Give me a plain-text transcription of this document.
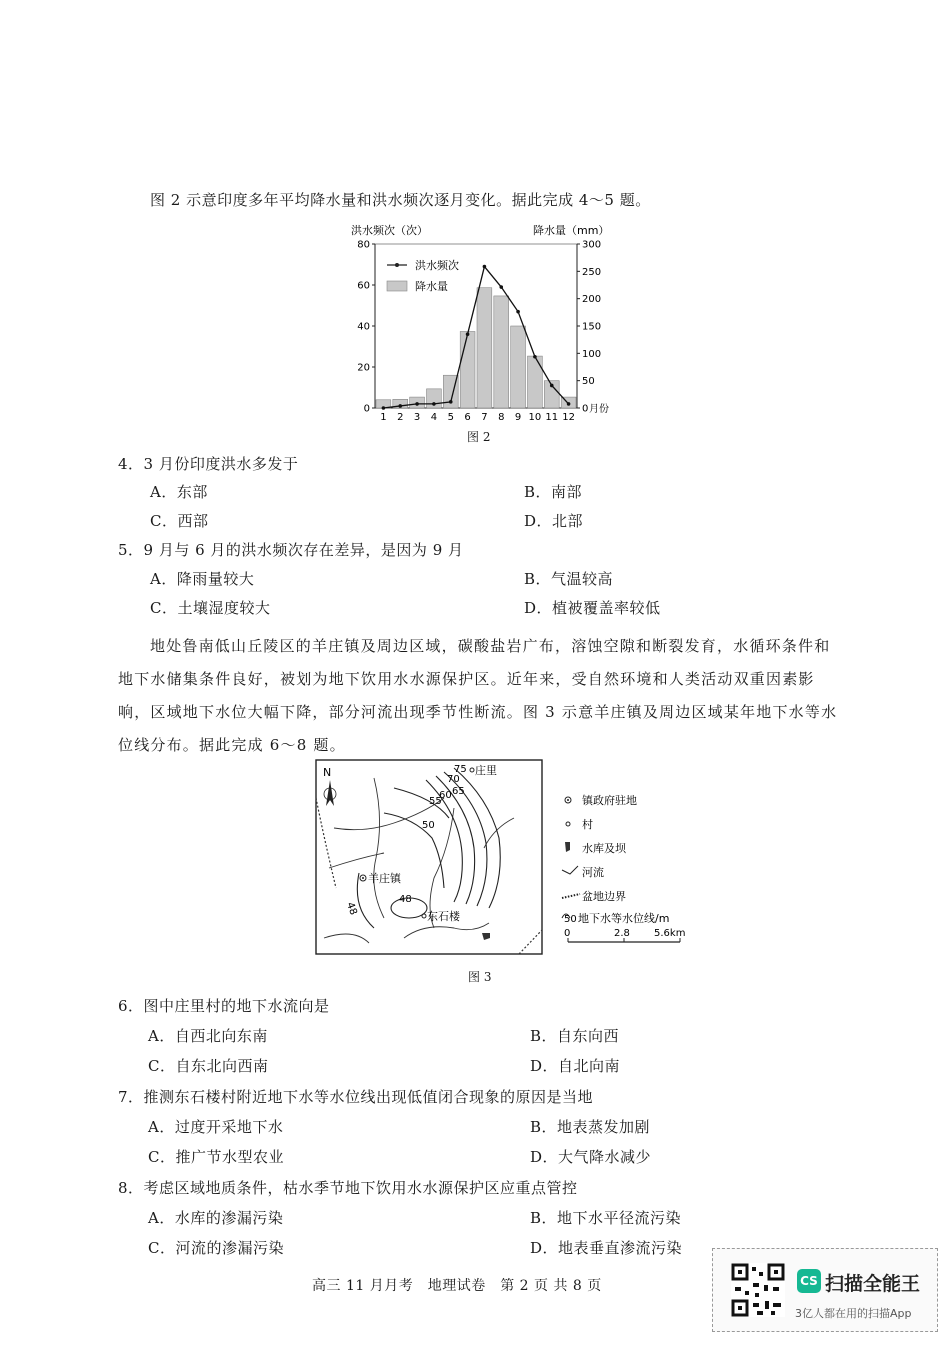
图 2 示意印度多年平均降水量和洪水频次逐月变化。据此完成 4～5 题。
洪水频次（次）	降水量（mm）
0
20
40
60
80
0
50
100
150
200
250
300
1 2 3 4 5 6 7 8 9 10 11 12
洪水频次
降水量
月份
图 2
4．3 月份印度洪水多发于
A．东部	B．南部
C．西部	D．北部
5．9 月与 6 月的洪水频次存在差异，是因为 9 月
A．降雨量较大	B．气温较高
C．土壤湿度较大	D．植被覆盖率较低
地处鲁南低山丘陵区的羊庄镇及周边区域，碳酸盐岩广布，溶蚀空隙和断裂发育，水循环条件和地下水储集条件良好，被划为地下饮用水水源保护区。近年来，受自然环境和人类活动双重因素影响，区域地下水位大幅下降，部分河流出现季节性断流。图 3 示意羊庄镇及周边区域某年地下水等水位线分布。据此完成 6～8 题。
N	75
70
65
60
55
50
48
48
庄里
羊庄镇
东石楼
镇政府驻地
村
水库及坝
河流
盆地边界
50 地下水等水位线/m
0	2.8 5.6km
图 3
6．图中庄里村的地下水流向是
A．自西北向东南	B．自东向西
C．自东北向西南	D．自北向南
7．推测东石楼村附近地下水等水位线出现低值闭合现象的原因是当地
A．过度开采地下水	B．地表蒸发加剧
C．推广节水型农业	D．大气降水减少
8．考虑区域地质条件，枯水季节地下饮用水水源保护区应重点管控
A．水库的渗漏污染	B．地下水平径流污染
C．河流的渗漏污染	D．地表垂直渗流污染
高三 11 月月考　地理试卷　第 2 页 共 8 页	CS 扫描全能王
3亿人都在用的扫描App
